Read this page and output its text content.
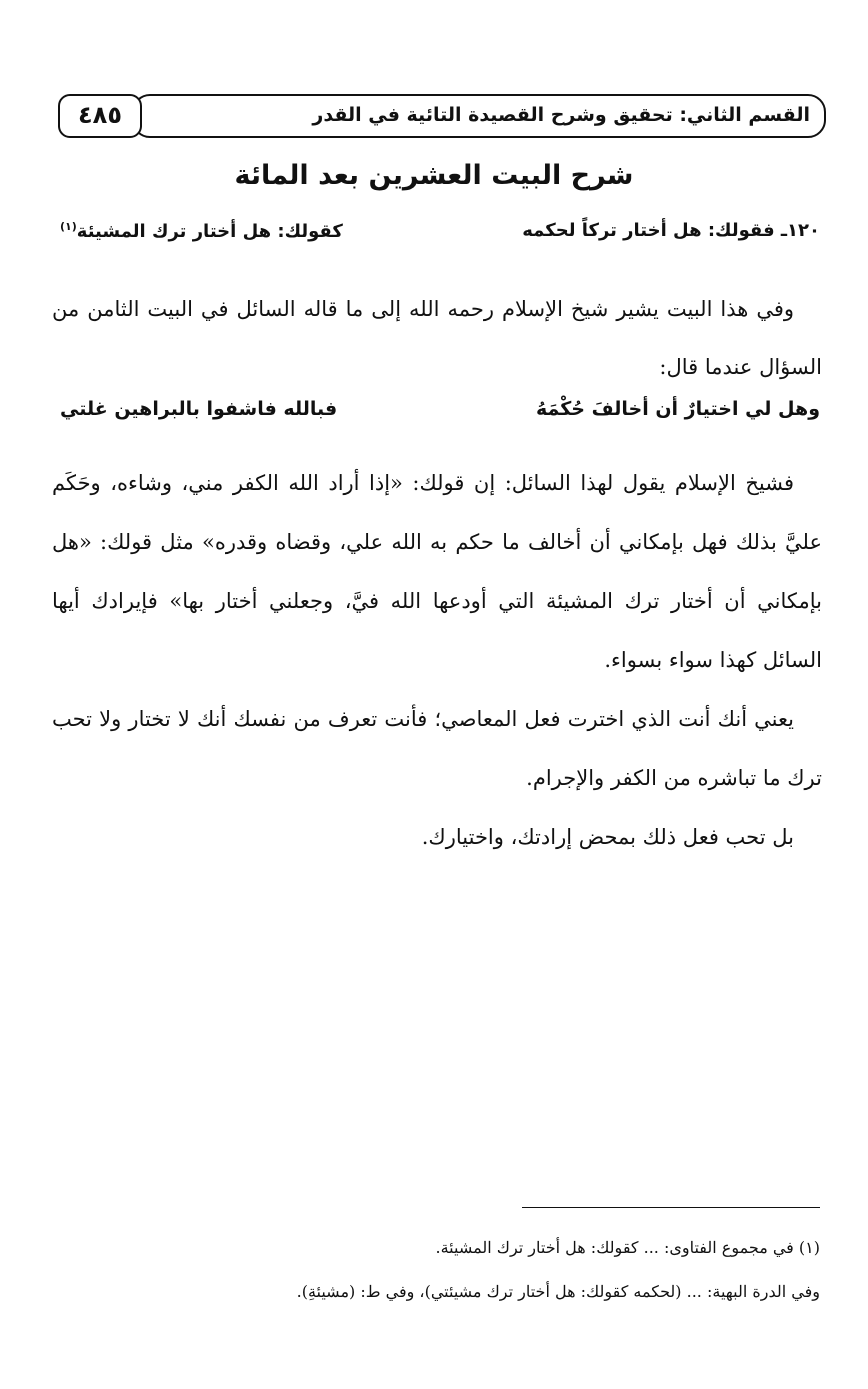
القسم الثاني: تحقيق وشرح القصيدة التائية في القدر
٤٨٥
شرح البيت العشرين بعد المائة
١٢٠ـ فقولك: هل أختار تركاً لحكمه
كقولك: هل أختار ترك المشيئة$^{(١)}$

وفي هذا البيت يشير شيخ الإسلام رحمه الله إلى ما قاله السائل في البيت الثامن من السؤال عندما قال:

وهل لي اختيارٌ أن أخالفَ حُكْمَهُ
فبالله فاشفوا بالبراهين غلتي

فشيخ الإسلام يقول لهذا السائل: إن قولك: «إذا أراد الله الكفر مني، وشاءه، وحَكَم عليَّ بذلك فهل بإمكاني أن أخالف ما حكم به الله علي، وقضاه وقدره» مثل قولك: «هل بإمكاني أن أختار ترك المشيئة التي أودعها الله فيَّ، وجعلني أختار بها» فإيرادك أيها السائل كهذا سواء بسواء.

يعني أنك أنت الذي اخترت فعل المعاصي؛ فأنت تعرف من نفسك أنك لا تختار ولا تحب ترك ما تباشره من الكفر والإجرام.

بل تحب فعل ذلك بمحض إرادتك، واختيارك.

(١) في مجموع الفتاوى: ... كقولك: هل أختار ترك المشيئة.

وفي الدرة البهية: ... (لحكمه كقولك: هل أختار ترك مشيئتي)، وفي ط: (مشيئةِ).
